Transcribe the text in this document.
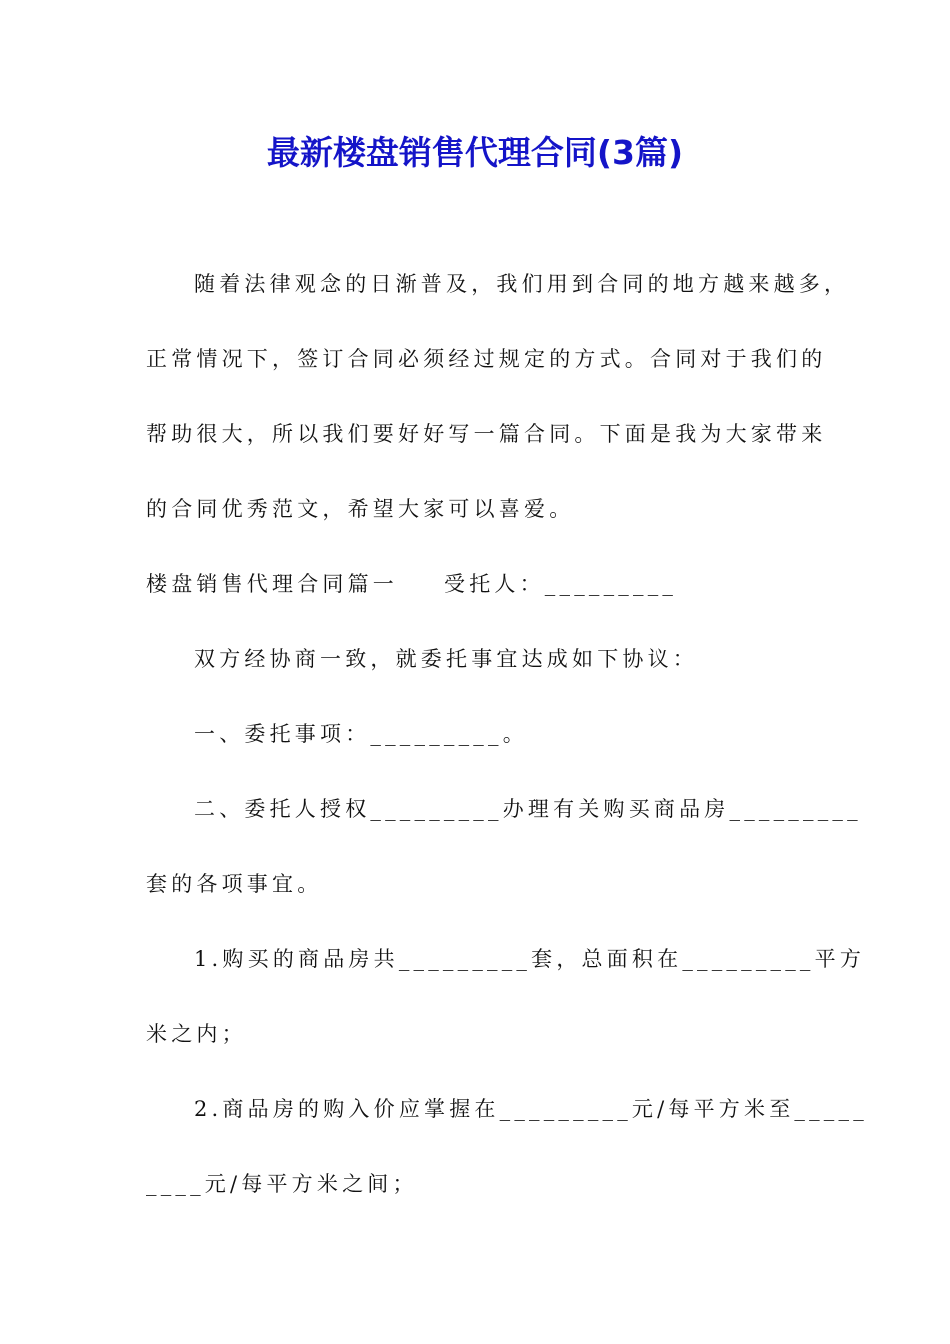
最新楼盘销售代理合同(3篇)
随着法律观念的日渐普及，我们用到合同的地方越来越多，
正常情况下，签订合同必须经过规定的方式。合同对于我们的
帮助很大，所以我们要好好写一篇合同。下面是我为大家带来
的合同优秀范文，希望大家可以喜爱。
楼盘销售代理合同篇一 受托人：_________
双方经协商一致，就委托事宜达成如下协议：
一、委托事项：_________。
二、委托人授权_________办理有关购买商品房_________
套的各项事宜。
1.购买的商品房共_________套，总面积在_________平方
米之内；
2.商品房的购入价应掌握在_________元/每平方米至_____
____元/每平方米之间；
